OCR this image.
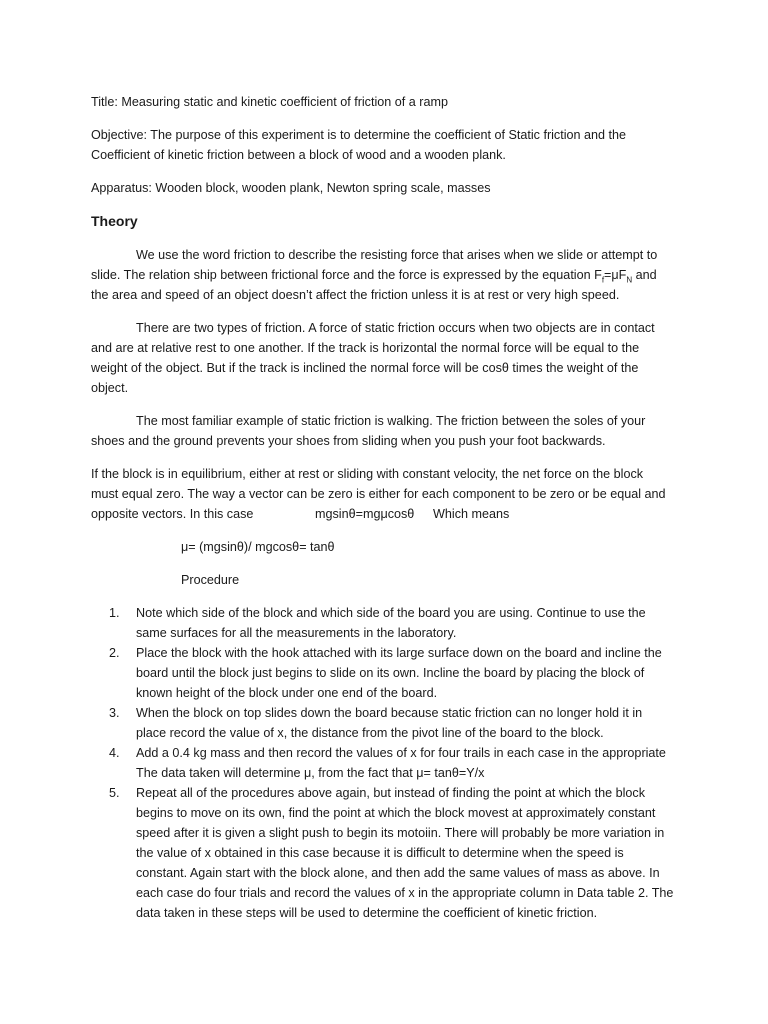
Title: Measuring static and kinetic coefficient of friction of a ramp
Objective: The purpose of this experiment is to determine the coefficient of Static friction and the
Coefficient of kinetic friction between a block of wood and a wooden plank.
Apparatus: Wooden block, wooden plank, Newton spring scale, masses
Theory
We use the word friction to describe the resisting force that arises when we slide or attempt to
slide. The relation ship between frictional force and the force is expressed by the equation $F_f=\mu F_N$ and
the area and speed of an object doesn’t affect the friction unless it is at rest or very high speed.
There are two types of friction. A force of static friction occurs when two objects are in contact
and are at relative rest to one another. If the track is horizontal the normal force will be equal to the
weight of the object. But if the track is inclined the normal force will be cosθ times the weight of the
object.
The most familiar example of static friction is walking. The friction between the soles of your
shoes and the ground prevents your shoes from sliding when you push your foot backwards.
If the block is in equilibrium, either at rest or sliding with constant velocity, the net force on the block
must equal zero. The way a vector can be zero is either for each component to be zero or be equal and
opposite vectors. In this case	mgsinθ=mgμcosθ Which means
μ= (mgsinθ)/ mgcosθ= tanθ
Procedure
1. Note which side of the block and which side of the board you are using. Continue to use the
same surfaces for all the measurements in the laboratory.
2. Place the block with the hook attached with its large surface down on the board and incline the
board until the block just begins to slide on its own. Incline the board by placing the block of
known height of the block under one end of the board.
3. When the block on top slides down the board because static friction can no longer hold it in
place record the value of x, the distance from the pivot line of the board to the block.
4. Add a 0.4 kg mass and then record the values of x for four trails in each case in the appropriate
The data taken will determine μ, from the fact that μ= tanθ=Y/x
5. Repeat all of the procedures above again, but instead of finding the point at which the block
begins to move on its own, find the point at which the block movest at approximately constant
speed after it is given a slight push to begin its motoiin. There will probably be more variation in
the value of x obtained in this case because it is difficult to determine when the speed is
constant. Again start with the block alone, and then add the same values of mass as above. In
each case do four trials and record the values of x in the appropriate column in Data table 2. The
data taken in these steps will be used to determine the coefficient of kinetic friction.
